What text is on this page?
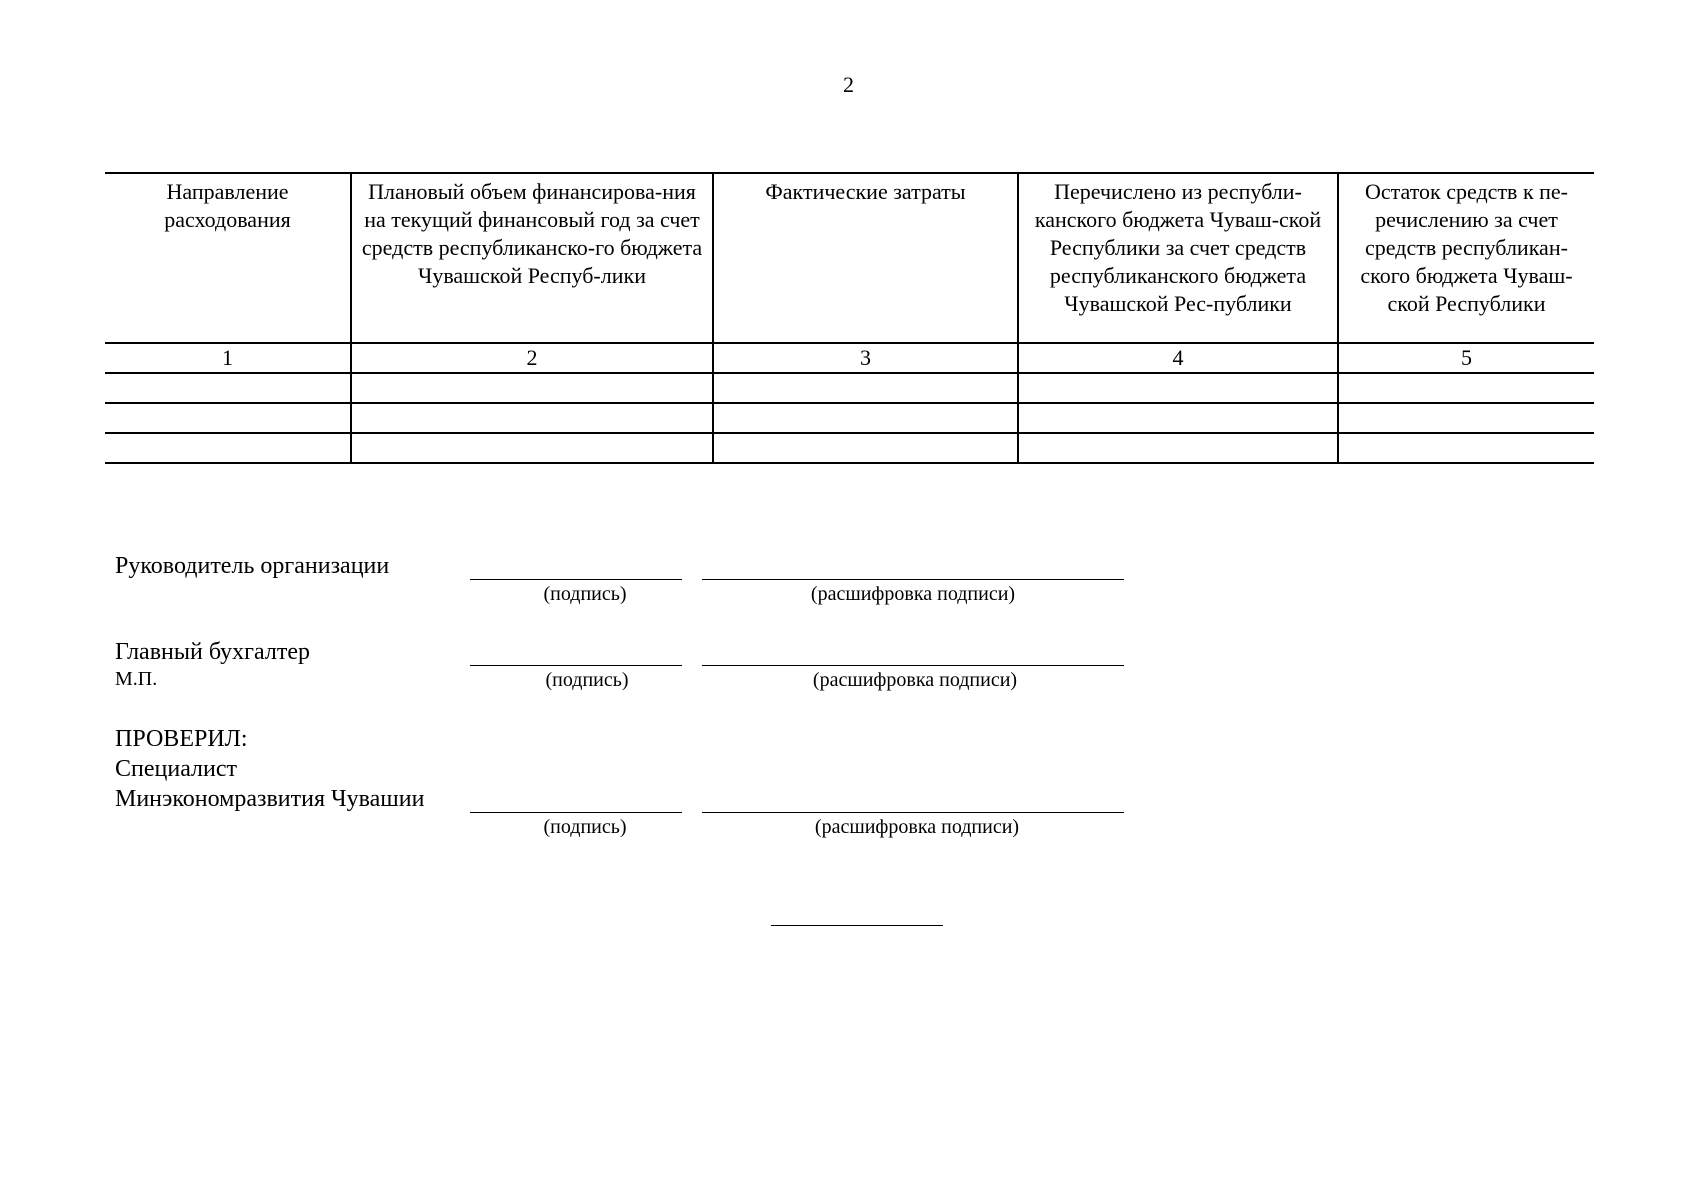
2
Направление расходования	Плановый объем финансирова-ния на текущий финансовый год за счет средств республиканско-го бюджета Чувашской Респуб-лики	Фактические затраты	Перечислено из республи-канского бюджета Чуваш-ской Республики за счет средств республиканского бюджета Чувашской Рес-публики	Остаток средств к пе-речислению за счет средств республикан-ского бюджета Чуваш-ской Республики
1	2	3	4	5

Руководитель организации
(подпись)	(расшифровка подписи)
Главный бухгалтер
М.П.	(подпись)	(расшифровка подписи)
ПРОВЕРИЛ:
Специалист
Минэкономразвития Чувашии
(подпись)	(расшифровка подписи)
